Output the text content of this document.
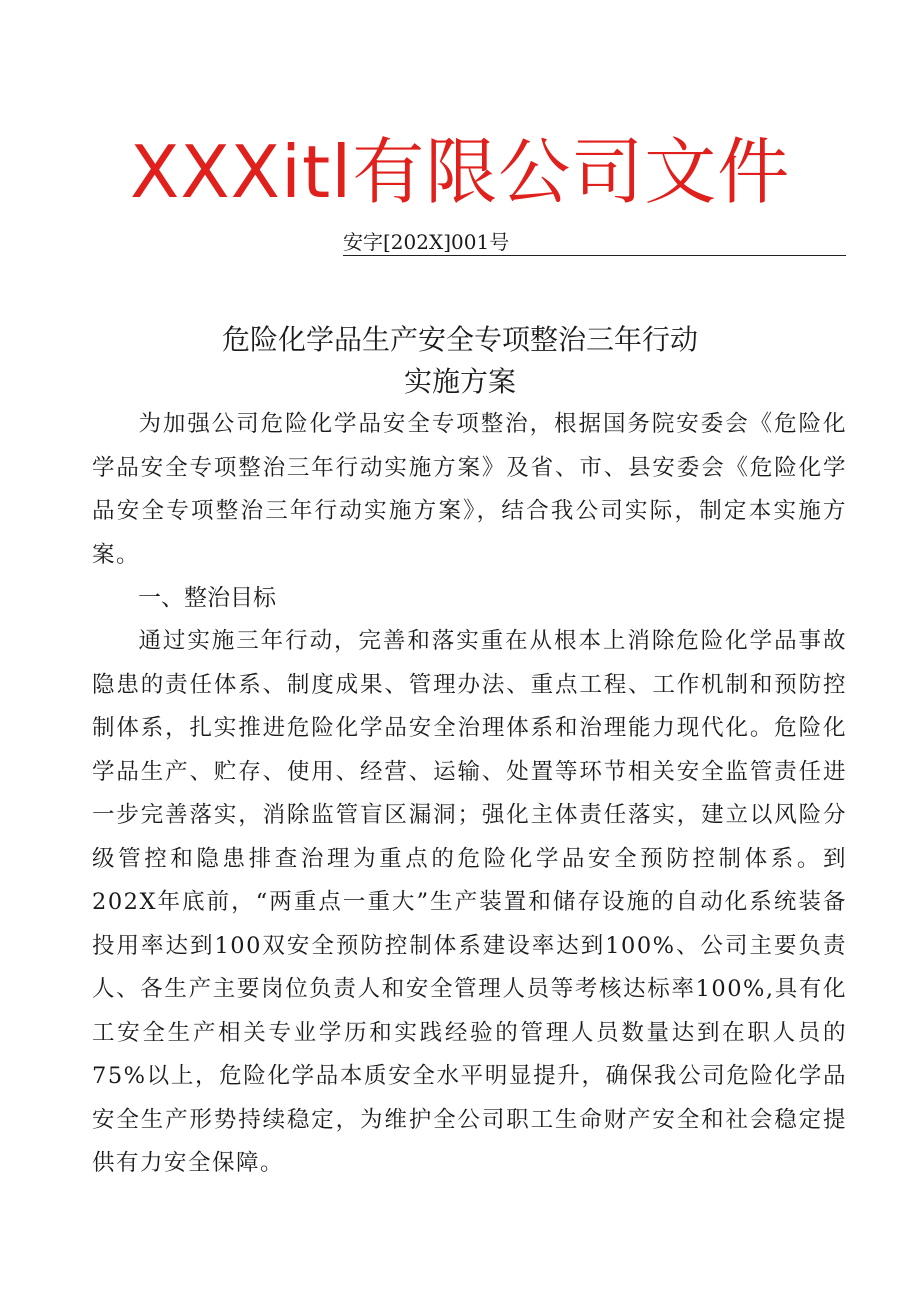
XXXitl有限公司文件
安字[202X]001号
危险化学品生产安全专项整治三年行动
实施方案
为加强公司危险化学品安全专项整治，根据国务院安委会《危险化学品安全专项整治三年行动实施方案》及省、市、县安委会《危险化学品安全专项整治三年行动实施方案》，结合我公司实际，制定本实施方案。
一、整治目标
通过实施三年行动，完善和落实重在从根本上消除危险化学品事故隐患的责任体系、制度成果、管理办法、重点工程、工作机制和预防控制体系，扎实推进危险化学品安全治理体系和治理能力现代化。危险化学品生产、贮存、使用、经营、运输、处置等环节相关安全监管责任进一步完善落实，消除监管盲区漏洞；强化主体责任落实，建立以风险分级管控和隐患排查治理为重点的危险化学品安全预防控制体系。到202X年底前，“两重点一重大”生产装置和储存设施的自动化系统装备投用率达到100双安全预防控制体系建设率达到100%、公司主要负责人、各生产主要岗位负责人和安全管理人员等考核达标率100%,具有化工安全生产相关专业学历和实践经验的管理人员数量达到在职人员的75%以上，危险化学品本质安全水平明显提升，确保我公司危险化学品安全生产形势持续稳定，为维护全公司职工生命财产安全和社会稳定提供有力安全保障。
